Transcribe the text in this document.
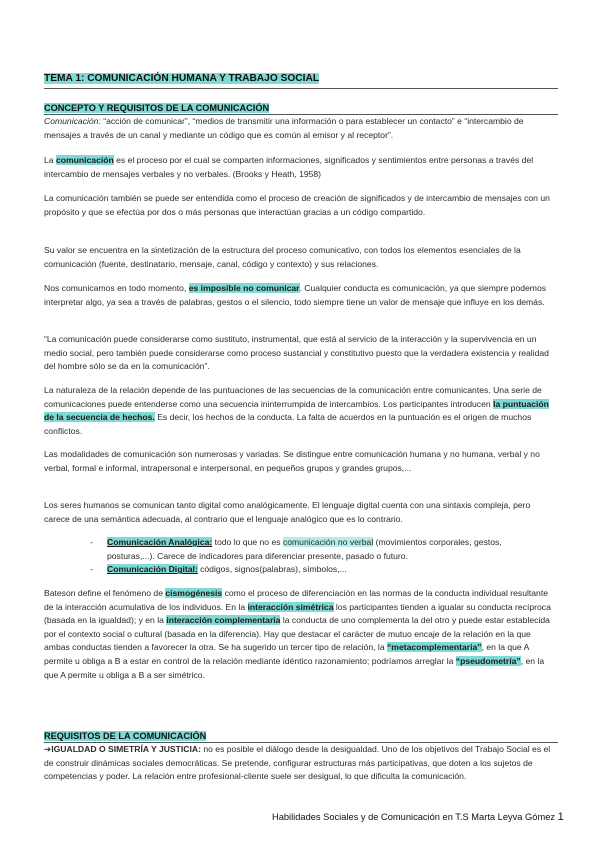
TEMA 1: COMUNICACIÓN HUMANA Y TRABAJO SOCIAL

CONCEPTO Y REQUISITOS DE LA COMUNICACIÓN

Comunicación: “acción de comunicar”, “medios de transmitir una información o para establecer un contacto” e “intercambio de mensajes a través de un canal y mediante un código que es común al emisor y al receptor”.

La comunicación es el proceso por el cual se comparten informaciones, significados y sentimientos entre personas a través del intercambio de mensajes verbales y no verbales. (Brooks y Heath, 1958)

La comunicación también se puede ser entendida como el proceso de creación de significados y de intercambio de mensajes con un propósito y que se efectúa por dos o más personas que interactúan gracias a un código compartido.

Su valor se encuentra en la sintetización de la estructura del proceso comunicativo, con todos los elementos esenciales de la comunicación (fuente, destinatario, mensaje, canal, código y contexto) y sus relaciones.

Nos comunicamos en todo momento, es imposible no comunicar. Cualquier conducta es comunicación, ya que siempre podemos interpretar algo, ya sea a través de palabras, gestos o el silencio, todo siempre tiene un valor de mensaje que influye en los demás.

“La comunicación puede considerarse como sustituto, instrumental, que está al servicio de la interacción y la supervivencia en un medio social, pero también puede considerarse como proceso sustancial y constitutivo puesto que la verdadera existencia y realidad del hombre sólo se da en la comunicación”.

La naturaleza de la relación depende de las puntuaciones de las secuencias de la comunicación entre comunicantes. Una serie de comunicaciones puede entenderse como una secuencia ininterrumpida de intercambios. Los participantes introducen la puntuación de la secuencia de hechos. Es decir, los hechos de la conducta. La falta de acuerdos en la puntuación es el origen de muchos conflictos.

Las modalidades de comunicación son numerosas y variadas. Se distingue entre comunicación humana y no humana, verbal y no verbal, formal e informal, intrapersonal e interpersonal, en pequeños grupos y grandes grupos,...

Los seres humanos se comunican tanto digital como analógicamente. El lenguaje digital cuenta con una sintaxis compleja, pero carece de una semántica adecuada, al contrario que el lenguaje analógico que es lo contrario.

- Comunicación Analógica: todo lo que no es comunicación no verbal (movimientos corporales, gestos, posturas,...). Carece de indicadores para diferenciar presente, pasado o futuro.

- Comunicación Digital: códigos, signos(palabras), símbolos,...

Bateson define el fenómeno de cismogénesis como el proceso de diferenciación en las normas de la conducta individual resultante de la interacción acumulativa de los individuos. En la interacción simétrica los participantes tienden a igualar su conducta recíproca (basada en la igualdad); y en la interacción complementaria la conducta de uno complementa la del otro y puede estar establecida por el contexto social o cultural (basada en la diferencia). Hay que destacar el carácter de mutuo encaje de la relación en la que ambas conductas tienden a favorecer la otra. Se ha sugerido un tercer tipo de relación, la “metacomplementaria”, en la que A permite u obliga a B a estar en control de la relación mediante idéntico razonamiento; podríamos arreglar la “pseudometría”, en la que A permite u obliga a B a ser simétrico.

REQUISITOS DE LA COMUNICACIÓN

➔IGUALDAD O SIMETRÍA Y JUSTICIA: no es posible el diálogo desde la desigualdad. Uno de los objetivos del Trabajo Social es el de construir dinámicas sociales democráticas. Se pretende, configurar estructuras más participativas, que doten a los sujetos de competencias y poder. La relación entre profesional-cliente suele ser desigual, lo que dificulta la comunicación.

Habilidades Sociales y de Comunicación en T.S Marta Leyva Gómez 1
